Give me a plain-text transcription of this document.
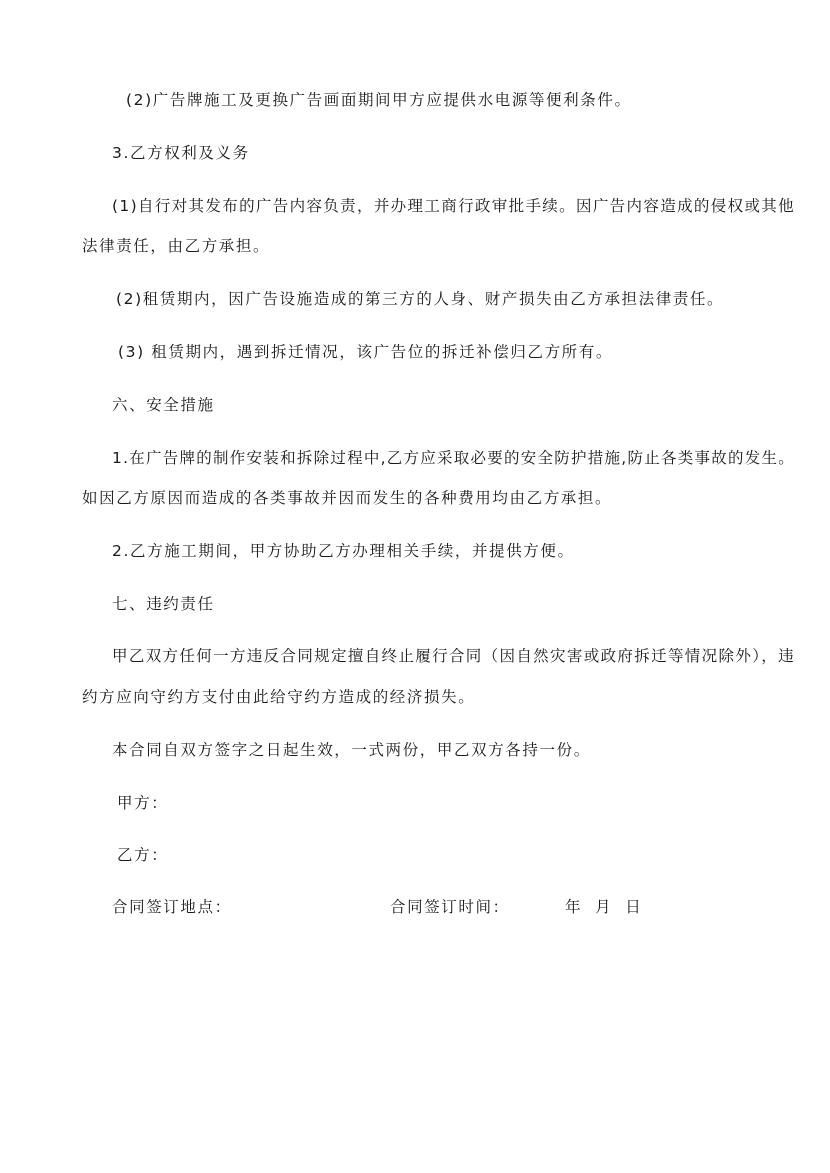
(2)广告牌施工及更换广告画面期间甲方应提供水电源等便利条件。
3.乙方权利及义务
(1)自行对其发布的广告内容负责，并办理工商行政审批手续。因广告内容造成的侵权或其他
法律责任，由乙方承担。
(2)租赁期内，因广告设施造成的第三方的人身、财产损失由乙方承担法律责任。
(3) 租赁期内，遇到拆迁情况，该广告位的拆迁补偿归乙方所有。
六、安全措施
1.在广告牌的制作安装和拆除过程中,乙方应采取必要的安全防护措施,防止各类事故的发生。
如因乙方原因而造成的各类事故并因而发生的各种费用均由乙方承担。
2.乙方施工期间，甲方协助乙方办理相关手续，并提供方便。
七、违约责任
甲乙双方任何一方违反合同规定擅自终止履行合同（因自然灾害或政府拆迁等情况除外），违
约方应向守约方支付由此给守约方造成的经济损失。
本合同自双方签字之日起生效，一式两份，甲乙双方各持一份。
甲方：
乙方：
合同签订地点：	合同签订时间：	年  月  日
